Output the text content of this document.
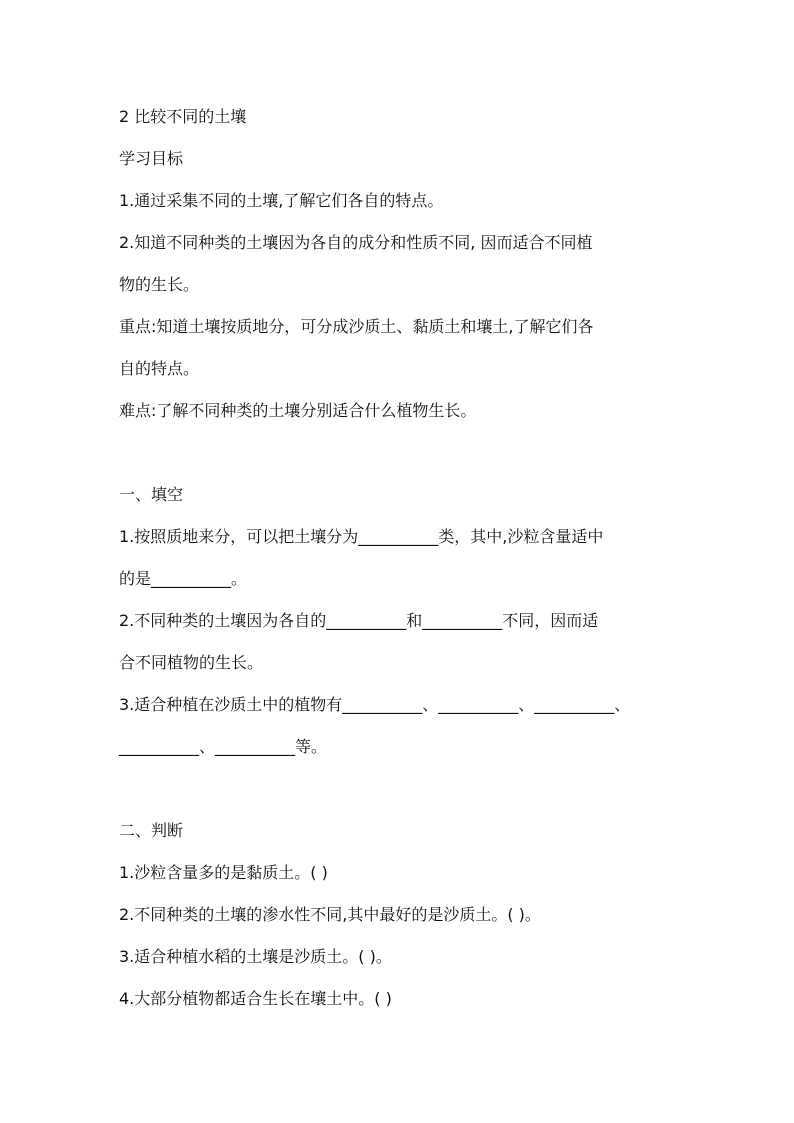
2 比较不同的土壤
学习目标
1.通过采集不同的土壤,了解它们各自的特点。
2.知道不同种类的土壤因为各自的成分和性质不同, 因而适合不同植
物的生长。
重点:知道土壤按质地分，可分成沙质土、黏质土和壤土,了解它们各
自的特点。
难点:了解不同种类的土壤分别适合什么植物生长。
一、填空
1.按照质地来分，可以把土壤分为__________类，其中,沙粒含量适中
的是__________。
2.不同种类的土壤因为各自的__________和__________不同，因而适
合不同植物的生长。
3.适合种植在沙质土中的植物有__________、__________、__________、
__________、__________等。
二、判断
1.沙粒含量多的是黏质土。( )
2.不同种类的土壤的渗水性不同,其中最好的是沙质土。( )。
3.适合种植水稻的土壤是沙质土。( )。
4.大部分植物都适合生长在壤土中。( )
